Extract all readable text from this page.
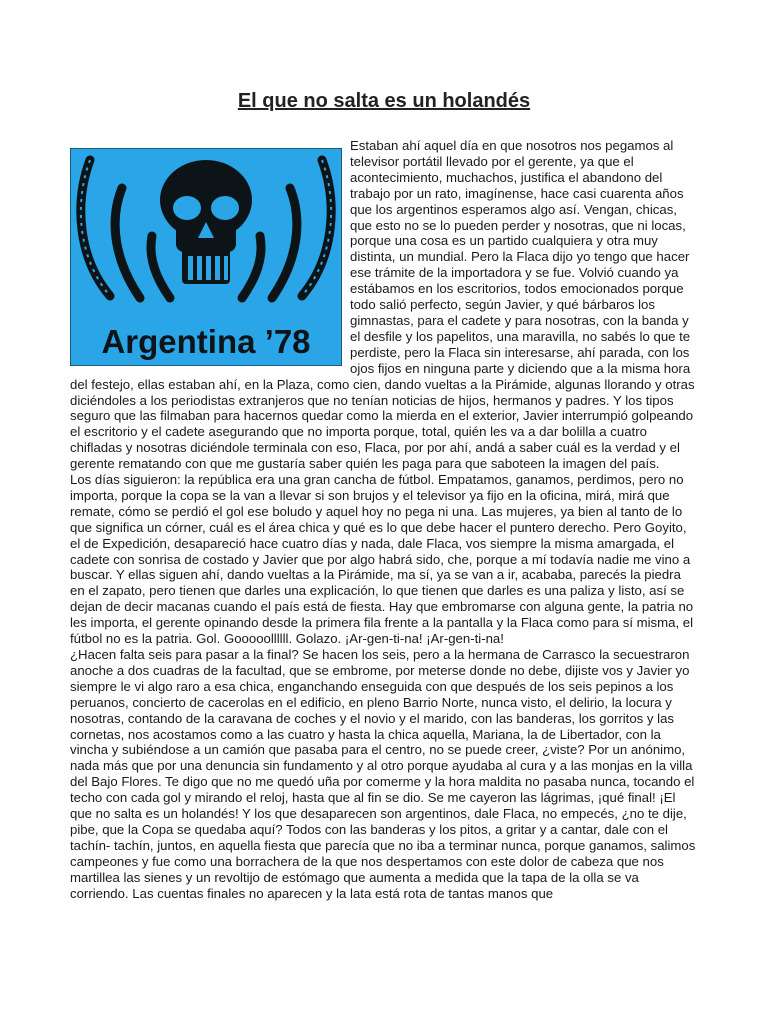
El que no salta es un holandés
Argentina ’78

Estaban ahí aquel día en que nosotros nos pegamos al televisor portátil llevado por el gerente, ya que el acontecimiento, muchachos, justifica el abandono del trabajo por un rato, imagínense, hace casi cuarenta años que los argentinos esperamos algo así. Vengan, chicas, que esto no se lo pueden perder y nosotras, que ni locas, porque una cosa es un partido cualquiera y otra muy distinta, un mundial. Pero la Flaca dijo yo tengo que hacer ese trámite de la importadora y se fue. Volvió cuando ya estábamos en los escritorios, todos emocionados porque todo salió perfecto, según Javier, y qué bárbaros los gimnastas, para el cadete y para nosotras, con la banda y el desfile y los papelitos, una maravilla, no sabés lo que te perdiste, pero la Flaca sin interesarse, ahí parada, con los ojos fijos en ninguna parte y diciendo que a la misma hora del festejo, ellas estaban ahí, en la Plaza, como cien, dando vueltas a la Pirámide, algunas llorando y otras diciéndoles a los periodistas extranjeros que no tenían noticias de hijos, hermanos y padres. Y los tipos seguro que las filmaban para hacernos quedar como la mierda en el exterior, Javier interrumpió golpeando el escritorio y el cadete asegurando que no importa porque, total, quién les va a dar bolilla a cuatro chifladas y nosotras diciéndole terminala con eso, Flaca, por por ahí, andá a saber cuál es la verdad y el gerente rematando con que me gustaría saber quién les paga para que saboteen la imagen del país.

Los días siguieron: la república era una gran cancha de fútbol. Empatamos, ganamos, perdimos, pero no importa, porque la copa se la van a llevar si son brujos y el televisor ya fijo en la oficina, mirá, mirá que remate, cómo se perdió el gol ese boludo y aquel hoy no pega ni una. Las mujeres, ya bien al tanto de lo que significa un córner, cuál es el área chica y qué es lo que debe hacer el puntero derecho. Pero Goyito, el de Expedición, desapareció hace cuatro días y nada, dale Flaca, vos siempre la misma amargada, el cadete con sonrisa de costado y Javier que por algo habrá sido, che, porque a mí todavía nadie me vino a buscar. Y ellas siguen ahí, dando vueltas a la Pirámide, ma sí, ya se van a ir, acababa, parecés la piedra en el zapato, pero tienen que darles una explicación, lo que tienen que darles es una paliza y listo, así se dejan de decir macanas cuando el país está de fiesta. Hay que embromarse con alguna gente, la patria no les importa, el gerente opinando desde la primera fila frente a la pantalla y la Flaca como para sí misma, el fútbol no es la patria. Gol. Gooooollllll. Golazo. ¡Ar-gen-ti-na! ¡Ar-gen-ti-na!

¿Hacen falta seis para pasar a la final? Se hacen los seis, pero a la hermana de Carrasco la secuestraron anoche a dos cuadras de la facultad, que se embrome, por meterse donde no debe, dijiste vos y Javier yo siempre le vi algo raro a esa chica, enganchando enseguida con que después de los seis pepinos a los peruanos, concierto de cacerolas en el edificio, en pleno Barrio Norte, nunca visto, el delirio, la locura y nosotras, contando de la caravana de coches y el novio y el marido, con las banderas, los gorritos y las cornetas, nos acostamos como a las cuatro y hasta la chica aquella, Mariana, la de Libertador, con la vincha y subiéndose a un camión que pasaba para el centro, no se puede creer, ¿viste? Por un anónimo, nada más que por una denuncia sin fundamento y al otro porque ayudaba al cura y a las monjas en la villa del Bajo Flores. Te digo que no me quedó uña por comerme y la hora maldita no pasaba nunca, tocando el techo con cada gol y mirando el reloj, hasta que al fin se dio. Se me cayeron las lágrimas, ¡qué final! ¡El que no salta es un holandés! Y los que desaparecen son argentinos, dale Flaca, no empecés, ¿no te dije, pibe, que la Copa se quedaba aquí? Todos con las banderas y los pitos, a gritar y a cantar, dale con el tachín- tachín, juntos, en aquella fiesta que parecía que no iba a terminar nunca, porque ganamos, salimos campeones y fue como una borrachera de la que nos despertamos con este dolor de cabeza que nos martillea las sienes y un revoltijo de estómago que aumenta a medida que la tapa de la olla se va corriendo. Las cuentas finales no aparecen y la lata está rota de tantas manos que
